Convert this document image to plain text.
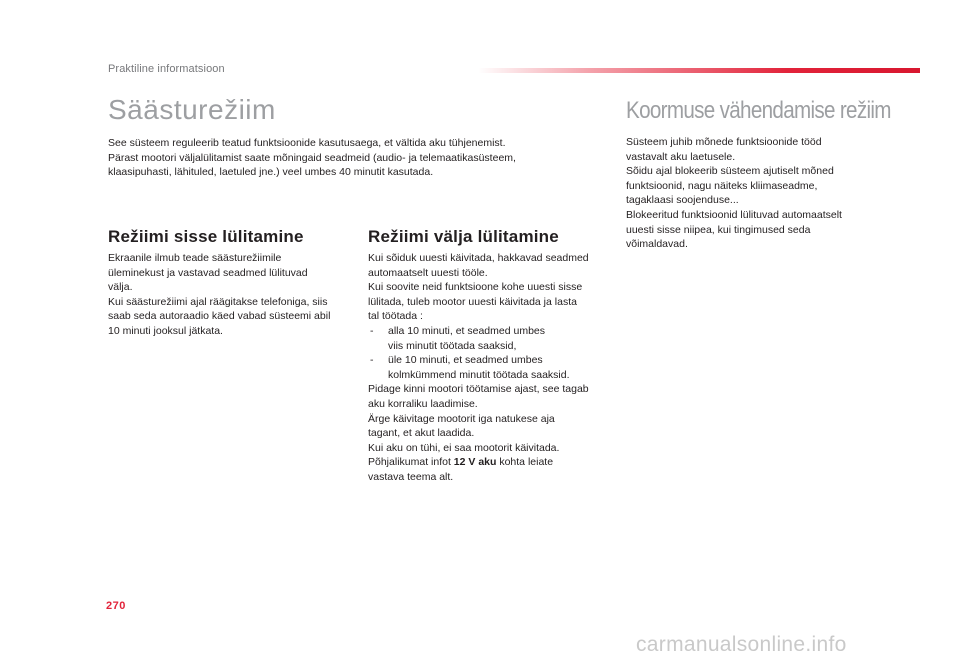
Praktiline informatsioon
Säästurežiim

See süsteem reguleerib teatud funktsioonide kasutusaega, et vältida aku tühjenemist.

Pärast mootori väljalülitamist saate mõningaid seadmeid (audio- ja telemaatikasüsteem,

klaasipuhasti, lähituled, laetuled jne.) veel umbes 40 minutit kasutada.

Režiimi sisse lülitamine

Ekraanile ilmub teade säästurežiimile

üleminekust ja vastavad seadmed lülituvad

välja.

Kui säästurežiimi ajal räägitakse telefoniga, siis

saab seda autoraadio käed vabad süsteemi abil

10 minuti jooksul jätkata.

Režiimi välja lülitamine

Kui sõiduk uuesti käivitada, hakkavad seadmed

automaatselt uuesti tööle.

Kui soovite neid funktsioone kohe uuesti sisse

lülitada, tuleb mootor uuesti käivitada ja lasta

tal töötada :

-	alla 10 minuti, et seadmed umbes
viis minutit töötada saaksid,
-	üle 10 minuti, et seadmed umbes
kolmkümmend minutit töötada saaksid.

Pidage kinni mootori töötamise ajast, see tagab

aku korraliku laadimise.

Ärge käivitage mootorit iga natukese aja

tagant, et akut laadida.

Kui aku on tühi, ei saa mootorit käivitada.

Põhjalikumat infot 12 V aku kohta leiate

vastava teema alt.

Koormuse vähendamise režiim

Süsteem juhib mõnede funktsioonide tööd

vastavalt aku laetusele.

Sõidu ajal blokeerib süsteem ajutiselt mõned

funktsioonid, nagu näiteks kliimaseadme,

tagaklaasi soojenduse...

Blokeeritud funktsioonid lülituvad automaatselt

uuesti sisse niipea, kui tingimused seda

võimaldavad.

270
carmanualsonline.info
